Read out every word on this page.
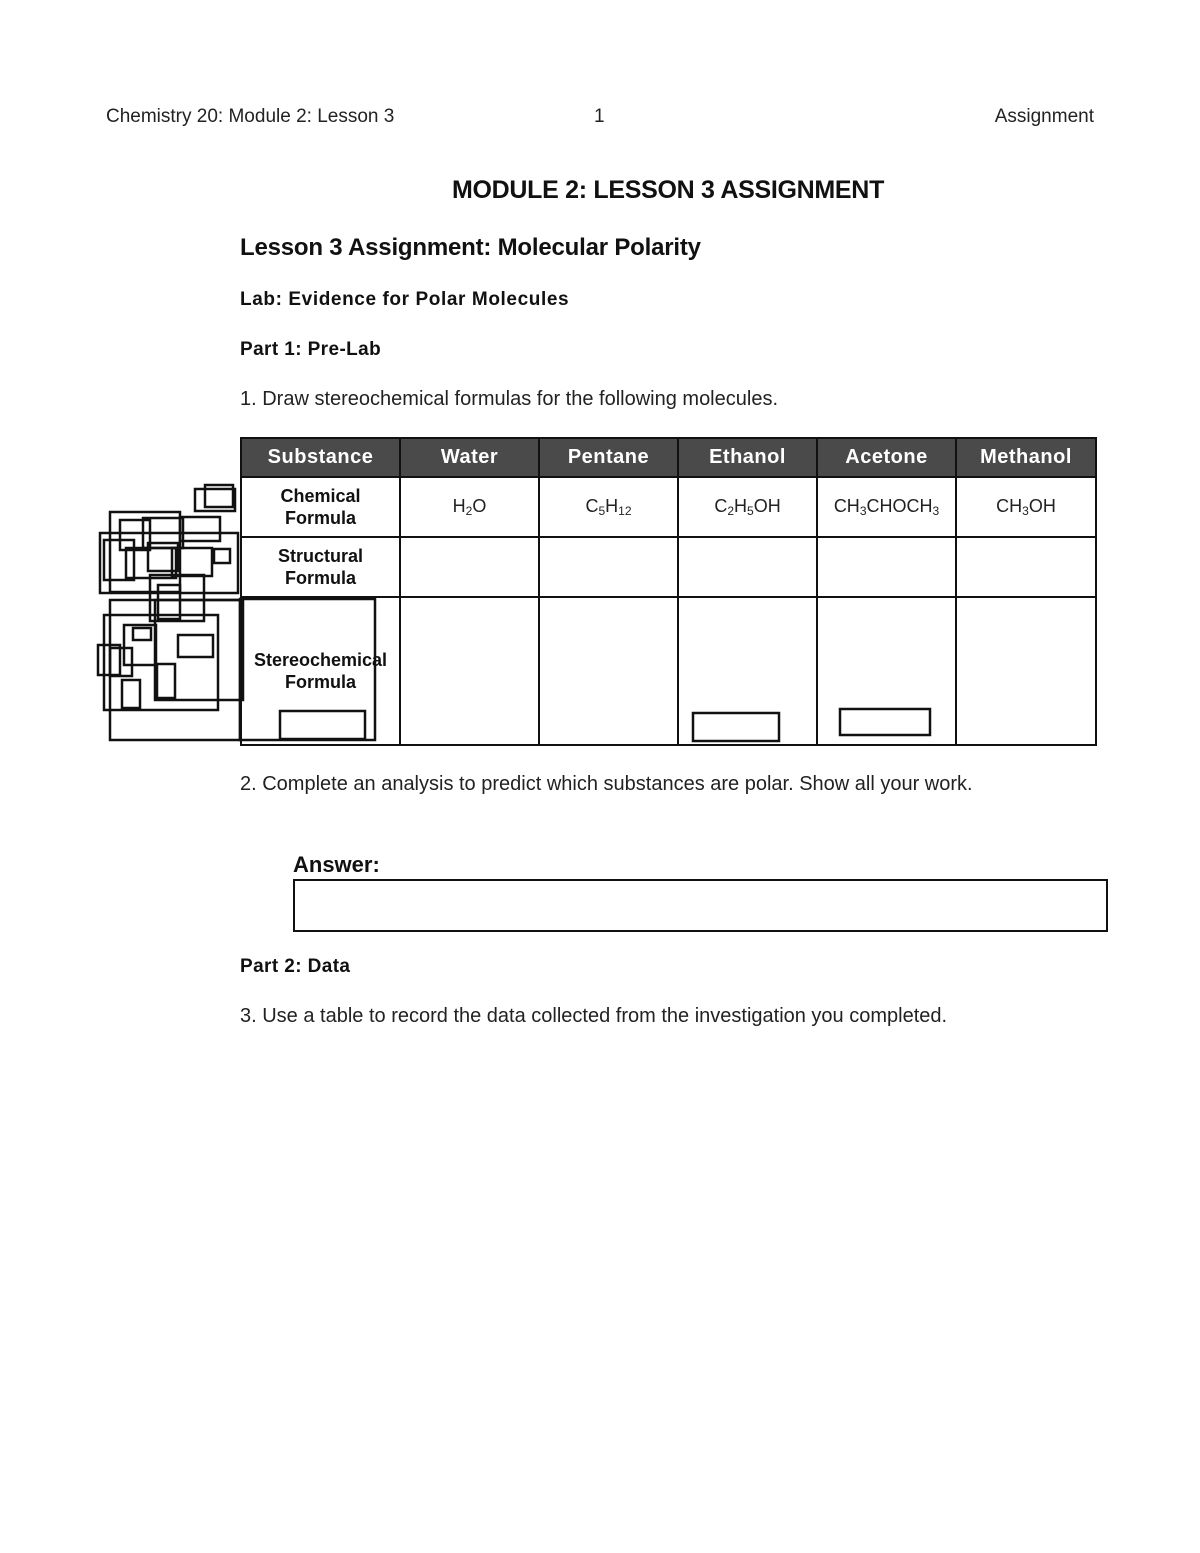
Chemistry 20: Module 2: Lesson 3	1	Assignment
MODULE 2: LESSON 3 ASSIGNMENT
Lesson 3 Assignment: Molecular Polarity
Lab: Evidence for Polar Molecules
Part 1: Pre-Lab
1. Draw stereochemical formulas for the following molecules.
Substance	Water	Pentane	Ethanol	Acetone	Methanol
Chemical
Formula	$H_2O$	$C_5H_{12}$	$C_2H_5OH$	$CH_3CHOCH_3$	$CH_3OH$
Structural
Formula					
Stereochemical
Formula					
2. Complete an analysis to predict which substances are polar. Show all your work.
Answer:
Part 2: Data
3. Use a table to record the data collected from the investigation you completed.
